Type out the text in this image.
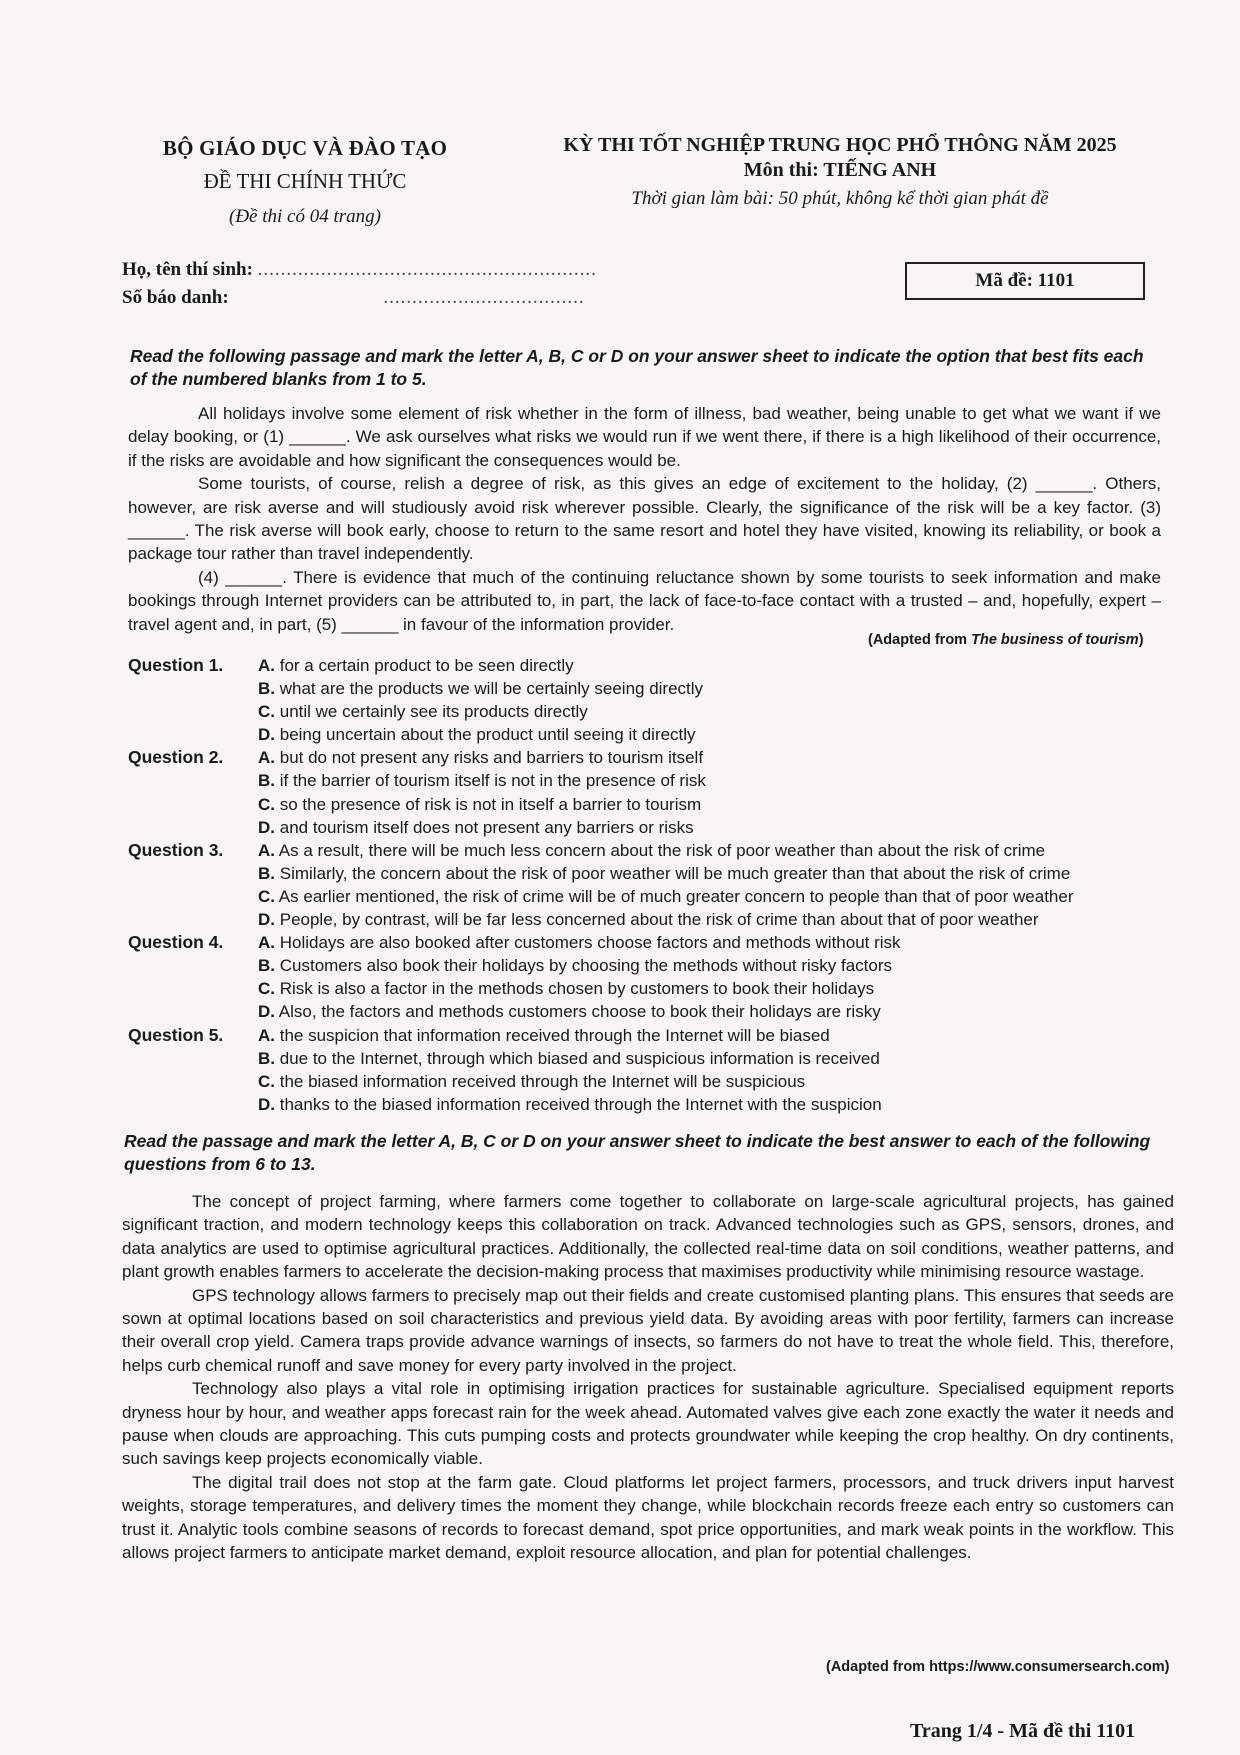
BỘ GIÁO DỤC VÀ ĐÀO TẠO
ĐỀ THI CHÍNH THỨC
(Đề thi có 04 trang)
KỲ THI TỐT NGHIỆP TRUNG HỌC PHỔ THÔNG NĂM 2025
Môn thi: TIẾNG ANH
Thời gian làm bài: 50 phút, không kể thời gian phát đề
Họ, tên thí sinh: ...........................................................
Số báo danh:	...................................
Mã đề: 1101
Read the following passage and mark the letter A, B, C or D on your answer sheet to indicate the option that best fits each of the numbered blanks from 1 to 5.

All holidays involve some element of risk whether in the form of illness, bad weather, being unable to get what we want if we delay booking, or (1) ______. We ask ourselves what risks we would run if we went there, if there is a high likelihood of their occurrence, if the risks are avoidable and how significant the consequences would be.

Some tourists, of course, relish a degree of risk, as this gives an edge of excitement to the holiday, (2) ______. Others, however, are risk averse and will studiously avoid risk wherever possible. Clearly, the significance of the risk will be a key factor. (3) ______. The risk averse will book early, choose to return to the same resort and hotel they have visited, knowing its reliability, or book a package tour rather than travel independently.

(4) ______. There is evidence that much of the continuing reluctance shown by some tourists to seek information and make bookings through Internet providers can be attributed to, in part, the lack of face-to-face contact with a trusted – and, hopefully, expert – travel agent and, in part, (5) ______ in favour of the information provider.

(Adapted from The business of tourism)
Question 1.	A. for a certain product to be seen directly
B. what are the products we will be certainly seeing directly
C. until we certainly see its products directly
D. being uncertain about the product until seeing it directly
Question 2.	A. but do not present any risks and barriers to tourism itself
B. if the barrier of tourism itself is not in the presence of risk
C. so the presence of risk is not in itself a barrier to tourism
D. and tourism itself does not present any barriers or risks
Question 3.	A. As a result, there will be much less concern about the risk of poor weather than about the risk of crime
B. Similarly, the concern about the risk of poor weather will be much greater than that about the risk of crime
C. As earlier mentioned, the risk of crime will be of much greater concern to people than that of poor weather
D. People, by contrast, will be far less concerned about the risk of crime than about that of poor weather
Question 4.	A. Holidays are also booked after customers choose factors and methods without risk
B. Customers also book their holidays by choosing the methods without risky factors
C. Risk is also a factor in the methods chosen by customers to book their holidays
D. Also, the factors and methods customers choose to book their holidays are risky
Question 5.	A. the suspicion that information received through the Internet will be biased
B. due to the Internet, through which biased and suspicious information is received
C. the biased information received through the Internet will be suspicious
D. thanks to the biased information received through the Internet with the suspicion
Read the passage and mark the letter A, B, C or D on your answer sheet to indicate the best answer to each of the following questions from 6 to 13.

The concept of project farming, where farmers come together to collaborate on large-scale agricultural projects, has gained significant traction, and modern technology keeps this collaboration on track. Advanced technologies such as GPS, sensors, drones, and data analytics are used to optimise agricultural practices. Additionally, the collected real-time data on soil conditions, weather patterns, and plant growth enables farmers to accelerate the decision-making process that maximises productivity while minimising resource wastage.

GPS technology allows farmers to precisely map out their fields and create customised planting plans. This ensures that seeds are sown at optimal locations based on soil characteristics and previous yield data. By avoiding areas with poor fertility, farmers can increase their overall crop yield. Camera traps provide advance warnings of insects, so farmers do not have to treat the whole field. This, therefore, helps curb chemical runoff and save money for every party involved in the project.

Technology also plays a vital role in optimising irrigation practices for sustainable agriculture. Specialised equipment reports dryness hour by hour, and weather apps forecast rain for the week ahead. Automated valves give each zone exactly the water it needs and pause when clouds are approaching. This cuts pumping costs and protects groundwater while keeping the crop healthy. On dry continents, such savings keep projects economically viable.

The digital trail does not stop at the farm gate. Cloud platforms let project farmers, processors, and truck drivers input harvest weights, storage temperatures, and delivery times the moment they change, while blockchain records freeze each entry so customers can trust it. Analytic tools combine seasons of records to forecast demand, spot price opportunities, and mark weak points in the workflow. This allows project farmers to anticipate market demand, exploit resource allocation, and plan for potential challenges.

(Adapted from https://www.consumersearch.com)
Trang 1/4 - Mã đề thi 1101
